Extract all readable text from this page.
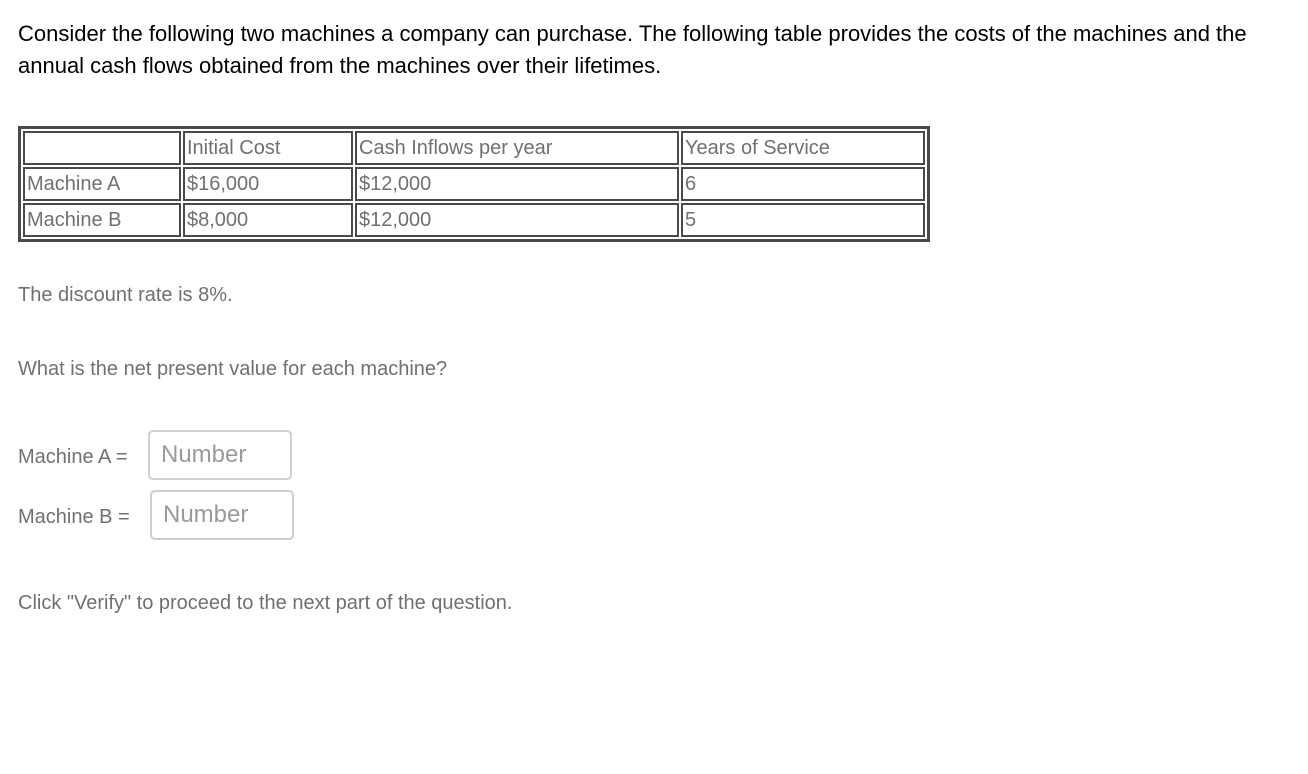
Consider the following two machines a company can purchase. The following table provides the costs of the machines and the
annual cash flows obtained from the machines over their lifetimes.

	Initial Cost	Cash Inflows per year	Years of Service
Machine A	$16,000	$12,000	6
Machine B	$8,000	$12,000	5

The discount rate is 8%.

What is the net present value for each machine?

Machine A =
Number
Machine B =
Number

Click "Verify" to proceed to the next part of the question.
